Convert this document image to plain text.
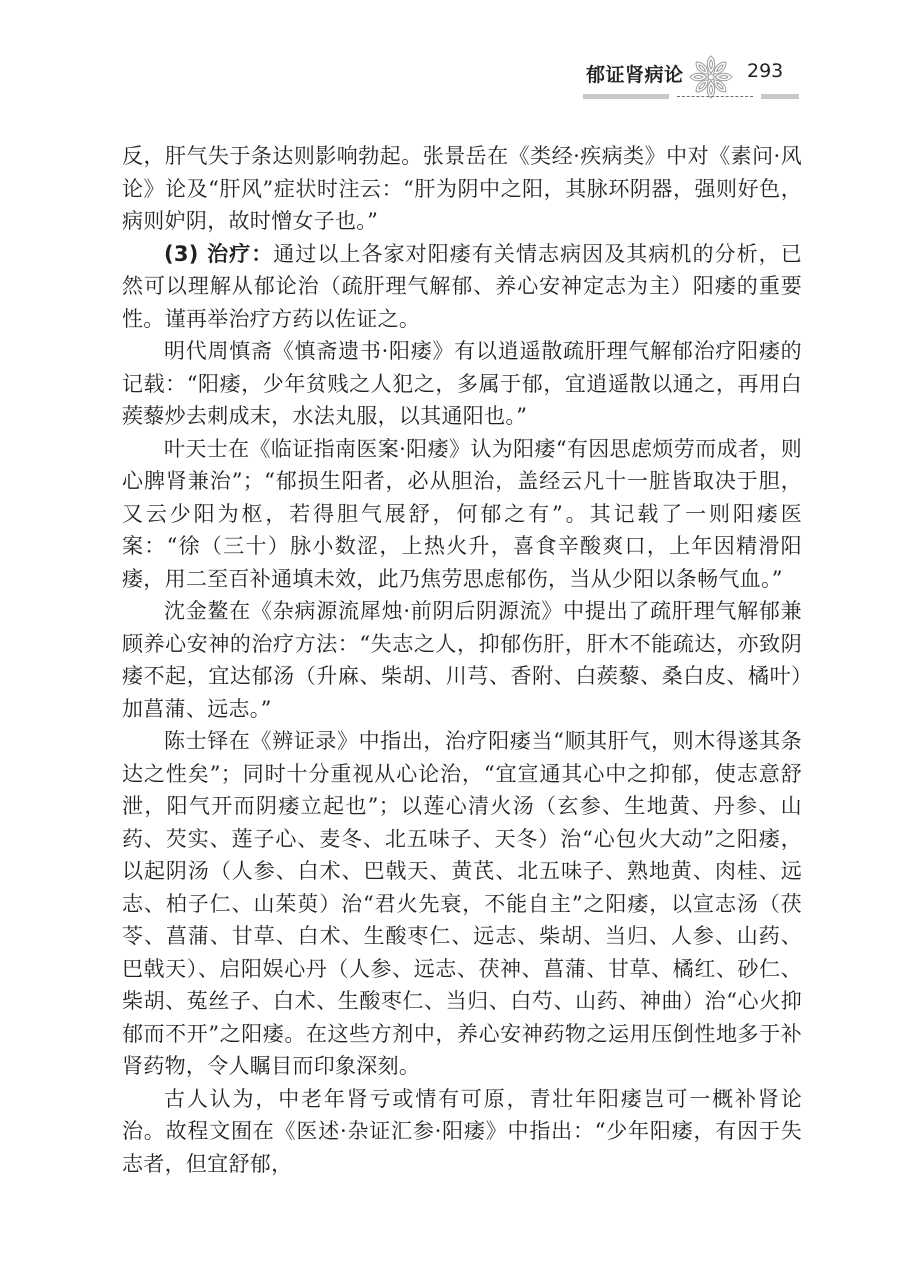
郁证肾病论	293

反，肝气失于条达则影响勃起。张景岳在《类经·疾病类》中对《素问·风论》论及“肝风”症状时注云：“肝为阴中之阳，其脉环阴器，强则好色，病则妒阴，故时憎女子也。”

(3) 治疗：通过以上各家对阳痿有关情志病因及其病机的分析，已然可以理解从郁论治（疏肝理气解郁、养心安神定志为主）阳痿的重要性。谨再举治疗方药以佐证之。

明代周慎斋《慎斋遗书·阳痿》有以逍遥散疏肝理气解郁治疗阳痿的记载：“阳痿，少年贫贱之人犯之，多属于郁，宜逍遥散以通之，再用白蒺藜炒去刺成末，水法丸服，以其通阳也。”

叶天士在《临证指南医案·阳痿》认为阳痿“有因思虑烦劳而成者，则心脾肾兼治”；“郁损生阳者，必从胆治，盖经云凡十一脏皆取决于胆，又云少阳为枢，若得胆气展舒，何郁之有”。其记载了一则阳痿医案：“徐（三十）脉小数涩，上热火升，喜食辛酸爽口，上年因精滑阳痿，用二至百补通填未效，此乃焦劳思虑郁伤，当从少阳以条畅气血。”

沈金鳌在《杂病源流犀烛·前阴后阴源流》中提出了疏肝理气解郁兼顾养心安神的治疗方法：“失志之人，抑郁伤肝，肝木不能疏达，亦致阴痿不起，宜达郁汤（升麻、柴胡、川芎、香附、白蒺藜、桑白皮、橘叶）加菖蒲、远志。”

陈士铎在《辨证录》中指出，治疗阳痿当“顺其肝气，则木得遂其条达之性矣”；同时十分重视从心论治，“宜宣通其心中之抑郁，使志意舒泄，阳气开而阴痿立起也”；以莲心清火汤（玄参、生地黄、丹参、山药、芡实、莲子心、麦冬、北五味子、天冬）治“心包火大动”之阳痿，以起阴汤（人参、白术、巴戟天、黄芪、北五味子、熟地黄、肉桂、远志、柏子仁、山茱萸）治“君火先衰，不能自主”之阳痿，以宣志汤（茯苓、菖蒲、甘草、白术、生酸枣仁、远志、柴胡、当归、人参、山药、巴戟天）、启阳娱心丹（人参、远志、茯神、菖蒲、甘草、橘红、砂仁、柴胡、菟丝子、白术、生酸枣仁、当归、白芍、山药、神曲）治“心火抑郁而不开”之阳痿。在这些方剂中，养心安神药物之运用压倒性地多于补肾药物，令人瞩目而印象深刻。

古人认为，中老年肾亏或情有可原，青壮年阳痿岂可一概补肾论治。故程文囿在《医述·杂证汇参·阳痿》中指出：“少年阳痿，有因于失志者，但宜舒郁，
